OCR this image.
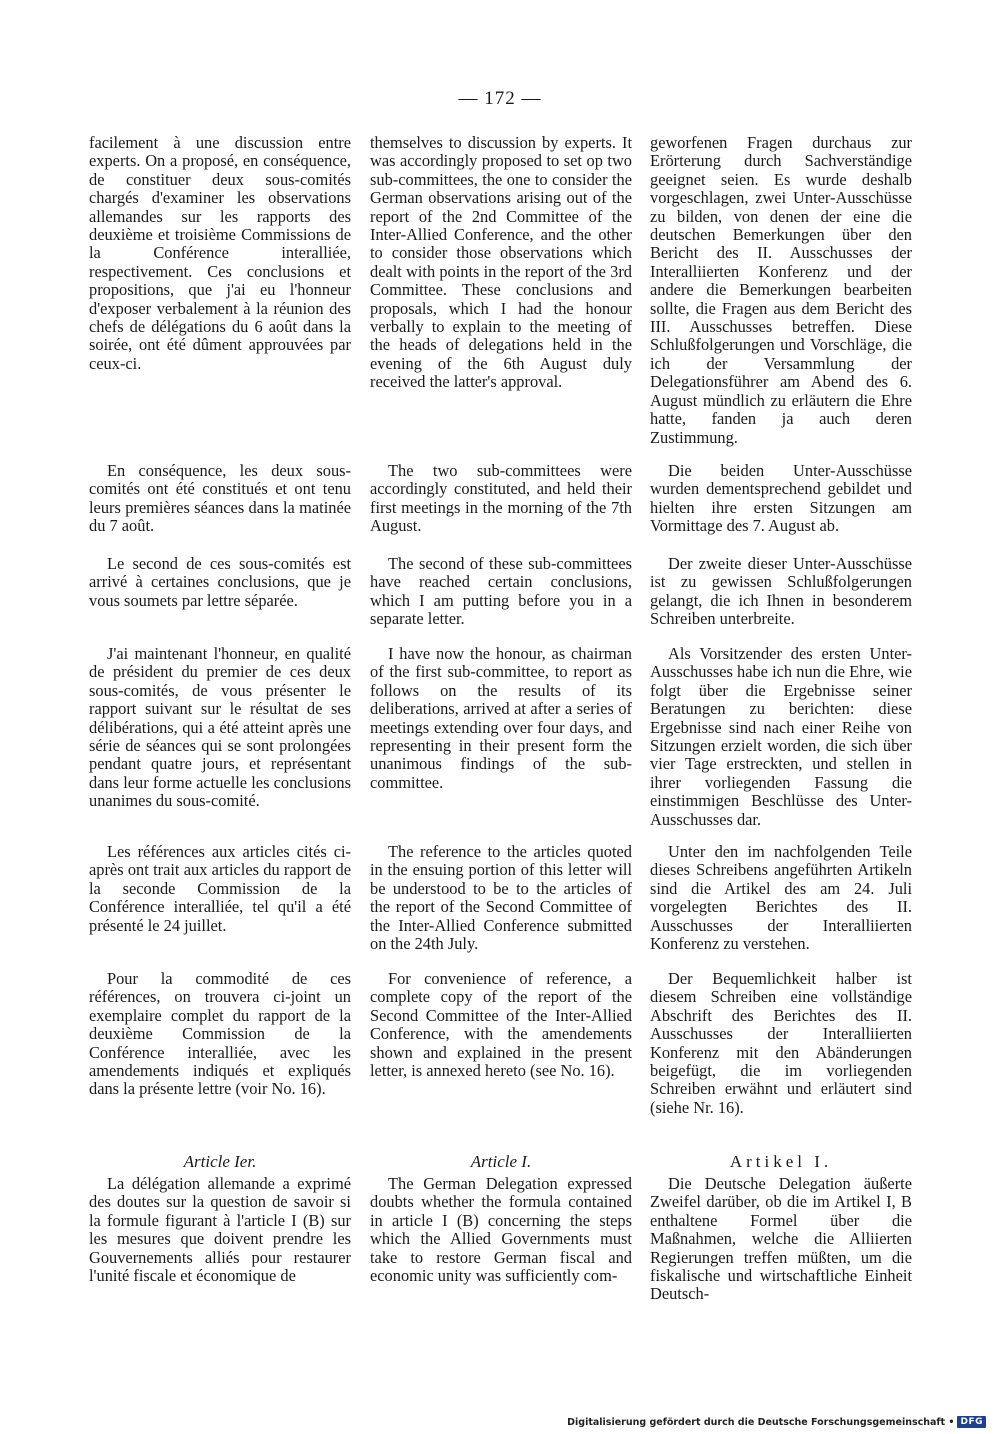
— 172 —

facilement à une discussion entre experts. On a proposé, en conséquence, de constituer deux sous-comités chargés d'examiner les observations allemandes sur les rapports des deuxième et troisième Commissions de la Conférence interalliée, respectivement. Ces conclusions et propositions, que j'ai eu l'honneur d'exposer verbalement à la réunion des chefs de délégations du 6 août dans la soirée, ont été dûment approuvées par ceux-ci.

themselves to discussion by experts. It was accordingly proposed to set op two sub-committees, the one to consider the German observations arising out of the report of the 2nd Committee of the Inter-Allied Conference, and the other to consider those observations which dealt with points in the report of the 3rd Committee. These conclusions and proposals, which I had the honour verbally to explain to the meeting of the heads of delegations held in the evening of the 6th August duly received the latter's approval.

geworfenen Fragen durchaus zur Erörterung durch Sachverständige geeignet seien. Es wurde deshalb vorgeschlagen, zwei Unter-Ausschüsse zu bilden, von denen der eine die deutschen Bemerkungen über den Bericht des II. Ausschusses der Interalliierten Konferenz und der andere die Bemerkungen bearbeiten sollte, die Fragen aus dem Bericht des III. Ausschusses betreffen. Diese Schlußfolgerungen und Vorschläge, die ich der Versammlung der Delegationsführer am Abend des 6. August mündlich zu erläutern die Ehre hatte, fanden ja auch deren Zustimmung.

En conséquence, les deux sous-comités ont été constitués et ont tenu leurs premières séances dans la matinée du 7 août.

The two sub-committees were accordingly constituted, and held their first meetings in the morning of the 7th August.

Die beiden Unter-Ausschüsse wurden dementsprechend gebildet und hielten ihre ersten Sitzungen am Vormittage des 7. August ab.

Le second de ces sous-comités est arrivé à certaines conclusions, que je vous soumets par lettre séparée.

The second of these sub-committees have reached certain conclusions, which I am putting before you in a separate letter.

Der zweite dieser Unter-Ausschüsse ist zu gewissen Schlußfolgerungen gelangt, die ich Ihnen in besonderem Schreiben unterbreite.

J'ai maintenant l'honneur, en qualité de président du premier de ces deux sous-comités, de vous présenter le rapport suivant sur le résultat de ses délibérations, qui a été atteint après une série de séances qui se sont prolongées pendant quatre jours, et représentant dans leur forme actuelle les conclusions unanimes du sous-comité.

I have now the honour, as chairman of the first sub-committee, to report as follows on the results of its deliberations, arrived at after a series of meetings extending over four days, and representing in their present form the unanimous findings of the sub-committee.

Als Vorsitzender des ersten Unter-Ausschusses habe ich nun die Ehre, wie folgt über die Ergebnisse seiner Beratungen zu berichten: diese Ergebnisse sind nach einer Reihe von Sitzungen erzielt worden, die sich über vier Tage erstreckten, und stellen in ihrer vorliegenden Fassung die einstimmigen Beschlüsse des Unter-Ausschusses dar.

Les références aux articles cités ci-après ont trait aux articles du rapport de la seconde Commission de la Conférence interalliée, tel qu'il a été présenté le 24 juillet.

The reference to the articles quoted in the ensuing portion of this letter will be understood to be to the articles of the report of the Second Committee of the Inter-Allied Conference submitted on the 24th July.

Unter den im nachfolgenden Teile dieses Schreibens angeführten Artikeln sind die Artikel des am 24. Juli vorgelegten Berichtes des II. Ausschusses der Interalliierten Konferenz zu verstehen.

Pour la commodité de ces références, on trouvera ci-joint un exemplaire complet du rapport de la deuxième Commission de la Conférence interalliée, avec les amendements indiqués et expliqués dans la présente lettre (voir No. 16).

For convenience of reference, a complete copy of the report of the Second Committee of the Inter-Allied Conference, with the amendements shown and explained in the present letter, is annexed hereto (see No. 16).

Der Bequemlichkeit halber ist diesem Schreiben eine vollständige Abschrift des Berichtes des II. Ausschusses der Interalliierten Konferenz mit den Abänderungen beigefügt, die im vorliegenden Schreiben erwähnt und erläutert sind (siehe Nr. 16).

Article Ier.	Article I.	Artikel I.

La délégation allemande a exprimé des doutes sur la question de savoir si la formule figurant à l'article I (B) sur les mesures que doivent prendre les Gouvernements alliés pour restaurer l'unité fiscale et économique de

The German Delegation expressed doubts whether the formula contained in article I (B) concerning the steps which the Allied Governments must take to restore German fiscal and economic unity was sufficiently com-

Die Deutsche Delegation äußerte Zweifel darüber, ob die im Artikel I, B enthaltene Formel über die Maßnahmen, welche die Alliierten Regierungen treffen müßten, um die fiskalische und wirtschaftliche Einheit Deutsch-

Digitalisierung gefördert durch die Deutsche Forschungsgemeinschaft • DFG
